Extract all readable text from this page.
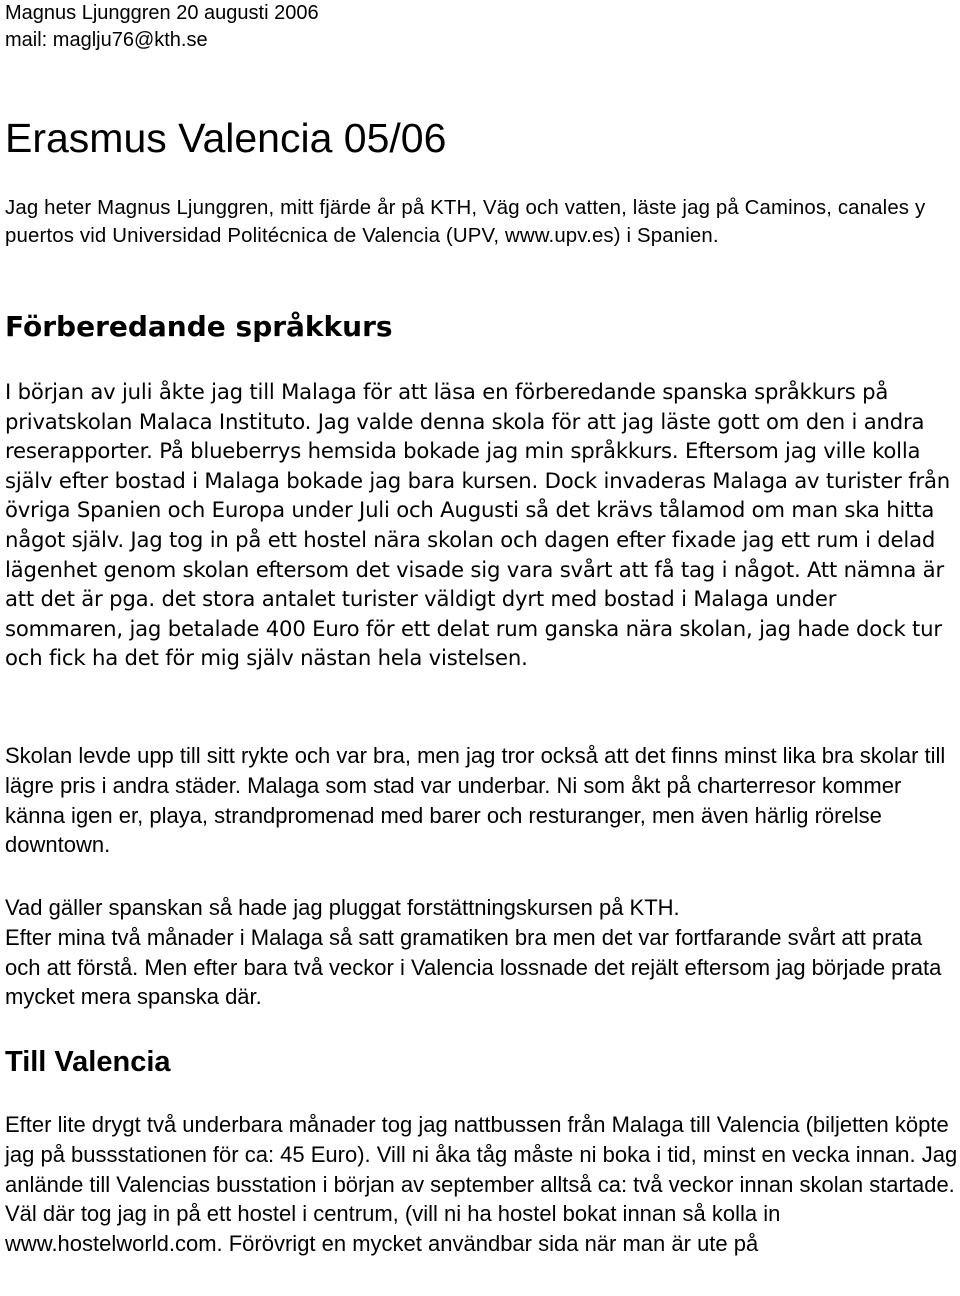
Magnus Ljunggren 20 augusti 2006

mail: maglju76@kth.se

Erasmus Valencia 05/06

Jag heter Magnus Ljunggren, mitt fjärde år på KTH, Väg och vatten, läste jag på Caminos, canales y puertos vid Universidad Politécnica de Valencia (UPV, www.upv.es) i Spanien.

Förberedande språkkurs

I början av juli åkte jag till Malaga för att läsa en förberedande spanska språkkurs på privatskolan Malaca Instituto. Jag valde denna skola för att jag läste gott om den i andra reserapporter. På blueberrys hemsida bokade jag min språkkurs. Eftersom jag ville kolla själv efter bostad i Malaga bokade jag bara kursen. Dock invaderas Malaga av turister från övriga Spanien och Europa under Juli och Augusti så det krävs tålamod om man ska hitta något själv. Jag tog in på ett hostel nära skolan och dagen efter fixade jag ett rum i delad lägenhet genom skolan eftersom det visade sig vara svårt att få tag i något. Att nämna är att det är pga. det stora antalet turister väldigt dyrt med bostad i Malaga under sommaren, jag betalade 400 Euro för ett delat rum ganska nära skolan, jag hade dock tur och fick ha det för mig själv nästan hela vistelsen.

Skolan levde upp till sitt rykte och var bra, men jag tror också att det finns minst lika bra skolar till lägre pris i andra städer. Malaga som stad var underbar. Ni som åkt på charterresor kommer känna igen er, playa, strandpromenad med barer och resturanger, men även härlig rörelse downtown.

Vad gäller spanskan så hade jag pluggat forstättningskursen på KTH.

Efter mina två månader i Malaga så satt gramatiken bra men det var fortfarande svårt att prata och att förstå. Men efter bara två veckor i Valencia lossnade det rejält eftersom jag började prata mycket mera spanska där.

Till Valencia

Efter lite drygt två underbara månader tog jag nattbussen från Malaga till Valencia (biljetten köpte jag på bussstationen för ca: 45 Euro). Vill ni åka tåg måste ni boka i tid, minst en vecka innan. Jag anlände till Valencias busstation i början av september alltså ca: två veckor innan skolan startade. Väl där tog jag in på ett hostel i centrum, (vill ni ha hostel bokat innan så kolla in www.hostelworld.com. Förövrigt en mycket användbar sida när man är ute på
